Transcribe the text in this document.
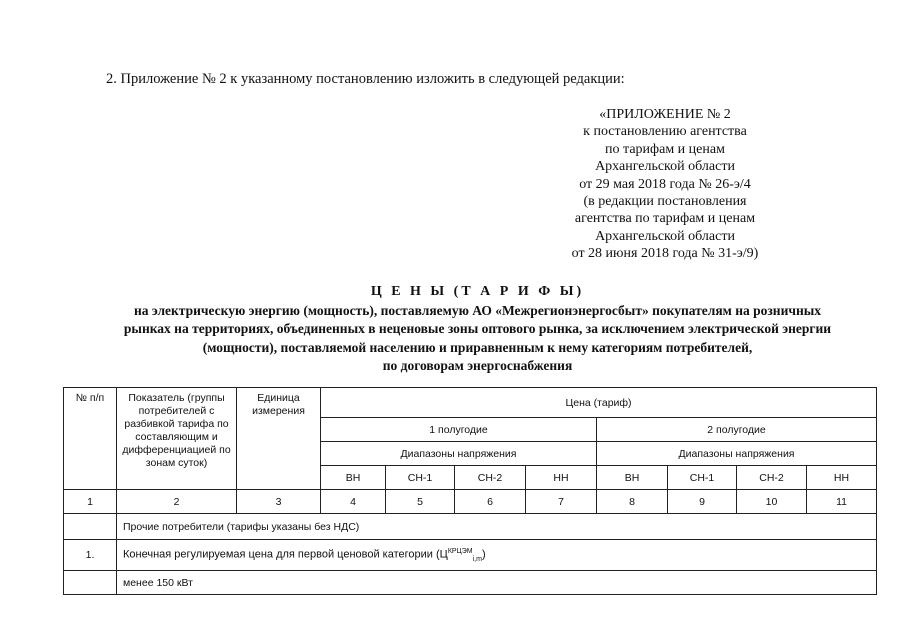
2. Приложение № 2 к указанному постановлению изложить в следующей редакции:
«ПРИЛОЖЕНИЕ № 2
к постановлению агентства
по тарифам и ценам
Архангельской области
от 29 мая 2018 года № 26-э/4
(в редакции постановления
агентства по тарифам и ценам
Архангельской области
от 28 июня 2018 года № 31-э/9)
Ц Е Н Ы (Т А Р И Ф Ы)
на электрическую энергию (мощность), поставляемую АО «Межрегионэнергосбыт» покупателям на розничных
рынках на территориях, объединенных в неценовые зоны оптового рынка, за исключением электрической энергии
(мощности), поставляемой населению и приравненным к нему категориям потребителей,
по договорам энергоснабжения
№ п/п	Показатель (группы потребителей с разбивкой тарифа по составляющим и дифференциацией по зонам суток)	Единица измерения	Цена (тариф)							
			1 полугодие				2 полугодие			
			Диапазоны напряжения				Диапазоны напряжения			
			ВН	СН-1	СН-2	НН	ВН	СН-1	СН-2	НН
1	2	3	4	5	6	7	8	9	10	11
	Прочие потребители (тарифы указаны без НДС)									
1.	Конечная регулируемая цена для первой ценовой категории $(Ц^{КРЦЭМ}_{i,m})$									
	менее 150 кВт									
